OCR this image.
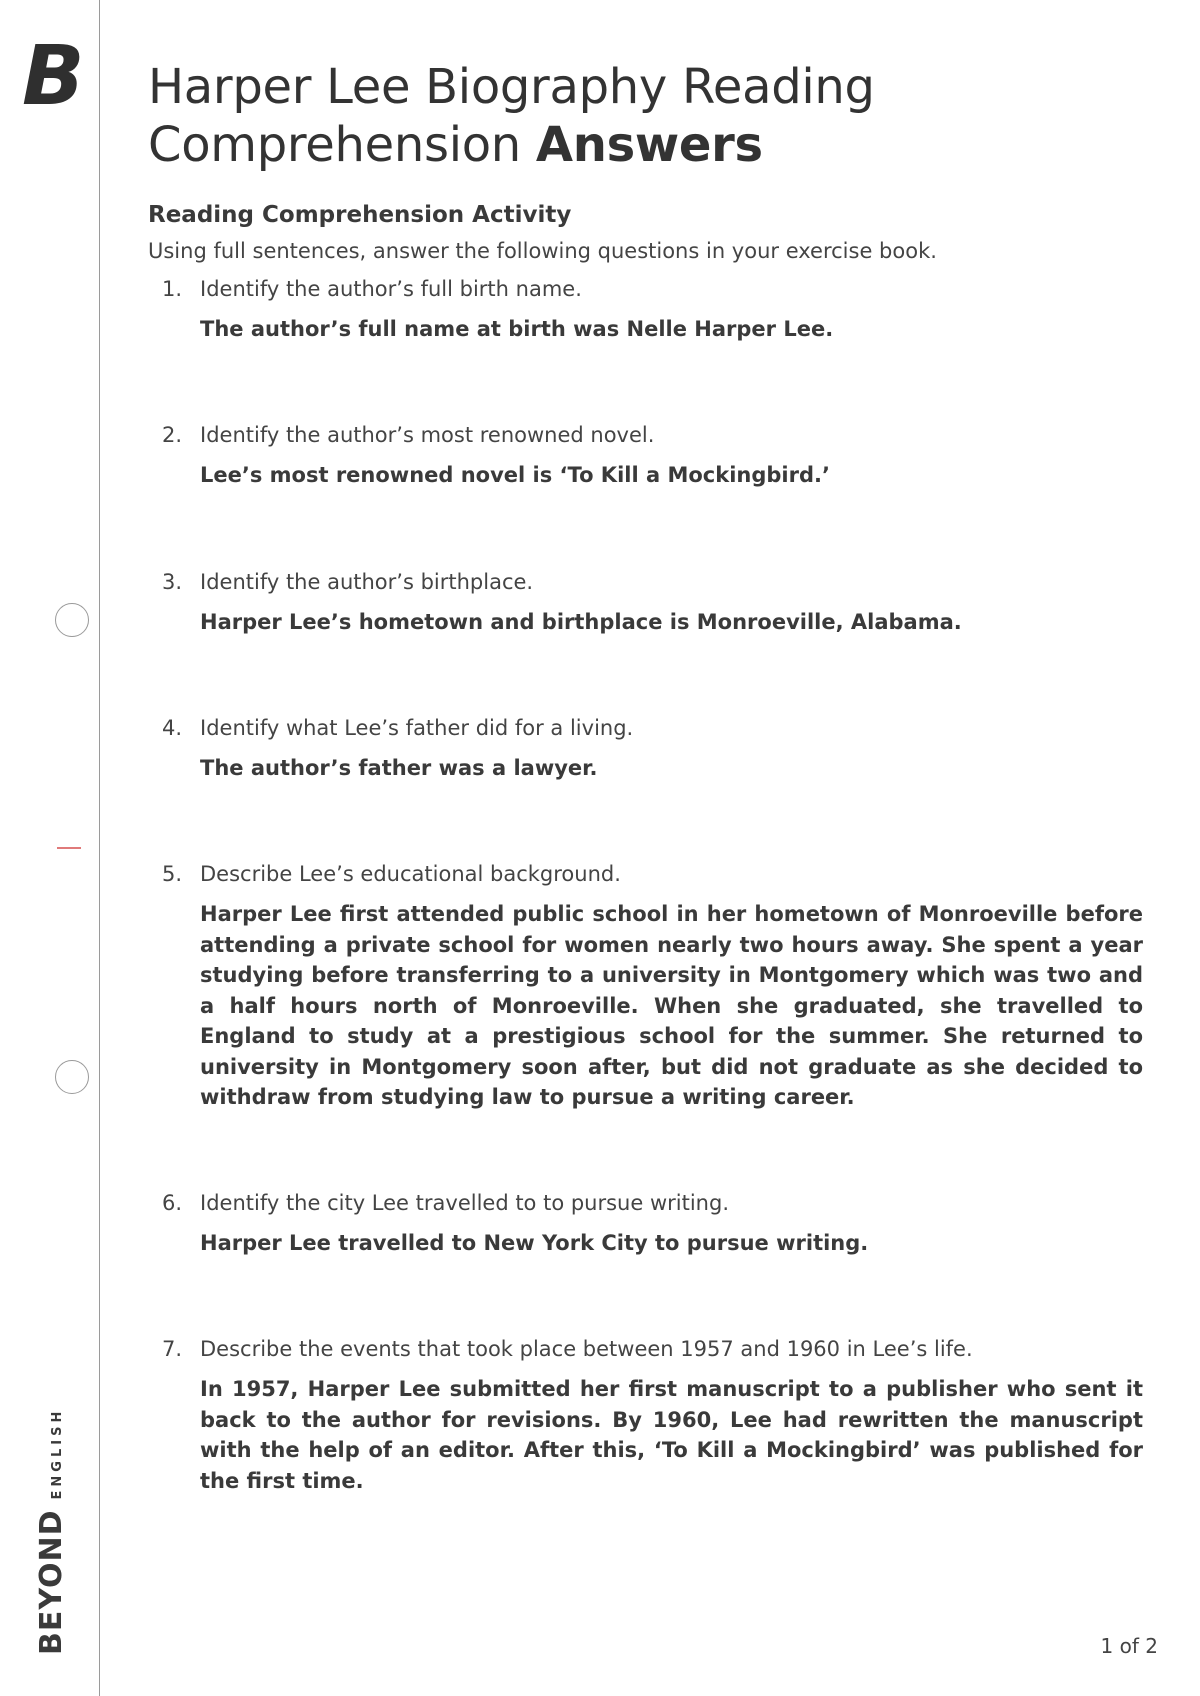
B
BEYOND
ENGLISH
Harper Lee Biography Reading
Comprehension Answers
Reading Comprehension Activity

Using full sentences, answer the following questions in your exercise book.

1. Identify the author’s full birth name.

The author’s full name at birth was Nelle Harper Lee.

2. Identify the author’s most renowned novel.

Lee’s most renowned novel is ‘To Kill a Mockingbird.’

3. Identify the author’s birthplace.

Harper Lee’s hometown and birthplace is Monroeville, Alabama.

4. Identify what Lee’s father did for a living.

The author’s father was a lawyer.

5. Describe Lee’s educational background.

Harper Lee first attended public school in her hometown of Monroeville before attending a private school for women nearly two hours away. She spent a year studying before transferring to a university in Montgomery which was two and a half hours north of Monroeville. When she graduated, she travelled to England to study at a prestigious school for the summer. She returned to university in Montgomery soon after, but did not graduate as she decided to withdraw from studying law to pursue a writing career.

6. Identify the city Lee travelled to to pursue writing.

Harper Lee travelled to New York City to pursue writing.

7. Describe the events that took place between 1957 and 1960 in Lee’s life.

In 1957, Harper Lee submitted her first manuscript to a publisher who sent it back to the author for revisions. By 1960, Lee had rewritten the manuscript with the help of an editor. After this, ‘To Kill a Mockingbird’ was published for the first time.

1 of 2
